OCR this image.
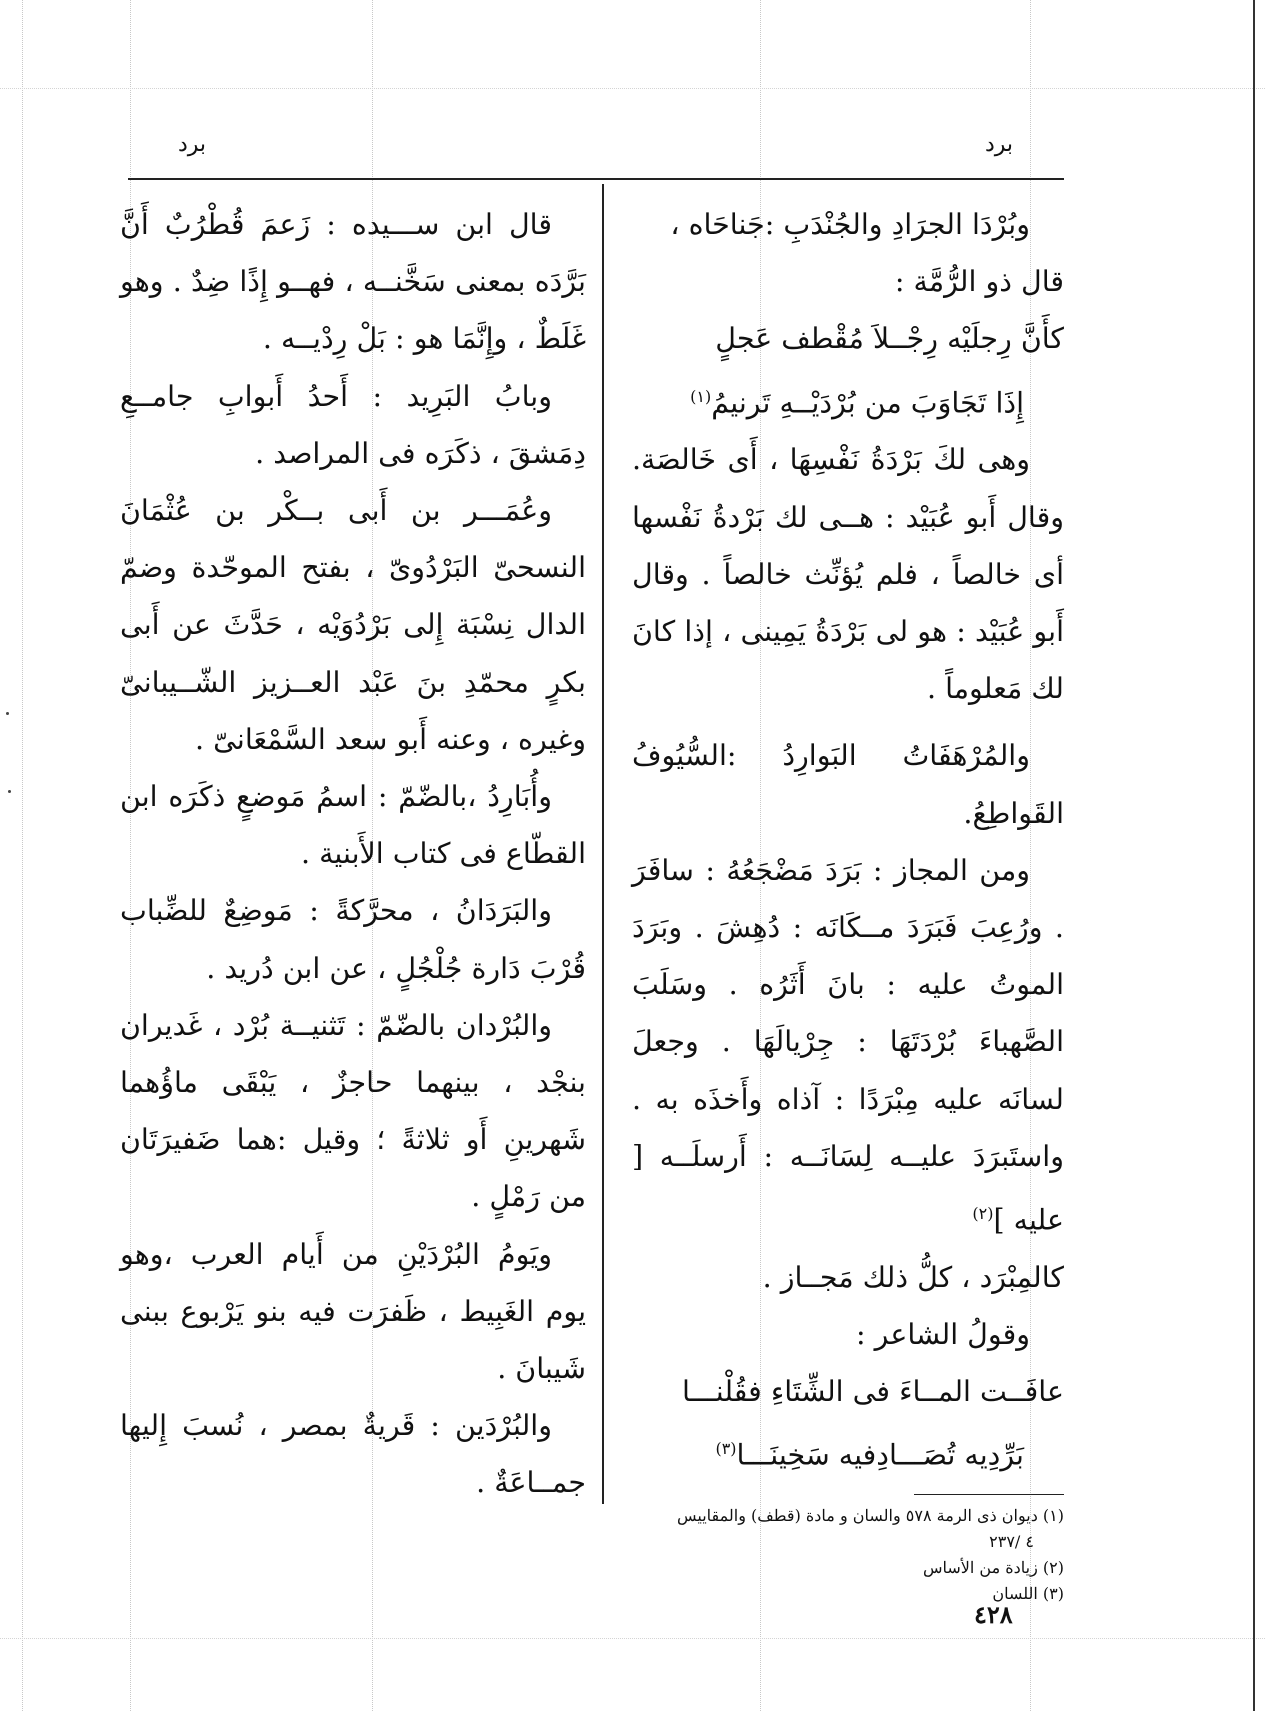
برد
برد

وبُرْدَا الجرَادِ والجُنْدَبِ :جَناحَاه ،

قال ذو الرُّمَّة :

كأَنَّ رِجلَيْه رِجْــلاَ مُقْطف عَجلٍ

إِذَا تَجَاوَبَ من بُرْدَيْــهِ تَرنيمُ$^{(١)}$

وهى لكَ بَرْدَةُ نَفْسِهَا ، أَى خَالصَة. وقال أَبو عُبَيْد : هــى لك بَرْدةُ نَفْسها أى خالصاً ، فلم يُؤنِّث خالصاً . وقال أَبو عُبَيْد : هو لى بَرْدَةُ يَمِينى ، إذا كانَ لك مَعلوماً .

والمُرْهَفَاتُ البَوارِدُ :السُّيُوفُ القَواطِعُ.

ومن المجاز : بَرَدَ مَضْجَعُهُ : سافَرَ . ورُعِبَ فَبَرَدَ مــكَانَه : دُهِشَ . وبَرَدَ الموتُ عليه : بانَ أَثَرُه . وسَلَبَ الصَّهباءَ بُرْدَتَهَا : جِرْيالَهَا . وجعلَ لسانَه عليه مِبْرَدًا : آذاه وأَخذَه به . واستَبرَدَ عليــه لِسَانَــه : أَرسلَــه [ عليه ]$^{(٢)}$

كالمِبْرَد ، كلُّ ذلك مَجــاز .

وقولُ الشاعر :

عافَــت المــاءَ فى الشِّتَاءِ فقُلْنـــا

بَرِّدِيه تُصَـــادِفيه سَخِينَـــا$^{(٣)}$

قال ابن ســـيده : زَعمَ قُطْرُبٌ أَنَّ بَرَّدَه بمعنى سَخَّنــه ، فهــو إِذًا ضِدٌ . وهو غَلَطٌ ، وإِنَّمَا هو : بَلْ رِدْيــه .

وبابُ البَرِيد : أَحدُ أَبوابِ جامــعِ دِمَشقَ ، ذكَرَه فى المراصد .

وعُمَـــر بن أَبى بــكْر بن عُثْمَانَ النسحىّ البَرْدُوىّ ، بفتح الموحّدة وضمّ الدال نِسْبَة إِلى بَرْدُوَيْه ، حَدَّثَ عن أَبى بكرٍ محمّدِ بنَ عَبْد العــزيز الشّــيبانىّ وغيره ، وعنه أَبو سعد السَّمْعَانىّ .

وأُبَارِدُ ،بالضّمّ : اسمُ مَوضعٍ ذكَرَه ابن القطّاع فى كتاب الأَبنية .

والبَرَدَانُ ، محرَّكةً : مَوضِعٌ للضِّباب قُرْبَ دَارة جُلْجُلٍ ، عن ابن دُريد .

والبُرْدان بالضّمّ : تَثنيــة بُرْد ، غَديران بنجْد ، بينهما حاجزٌ ، يَبْقَى ماؤُهما شَهرينِ أَو ثلاثةً ؛ وقيل :هما ضَفيرَتَان من رَمْلٍ .

ويَومُ البُرْدَيْنِ من أَيام العرب ،وهو يوم الغَبِيط ، ظَفرَت فيه بنو يَرْبوع ببنى شَيبانَ .

والبُرْدَين : قَريةٌ بمصر ، نُسبَ إِليها جمــاعَةٌ .

(١) ديوان ذى الرمة ٥٧٨ والسان و مادة (قطف) والمقاييس

٤ /٢٣٧

(٢) زيادة من الأساس

(٣) اللسان

٤٢٨
